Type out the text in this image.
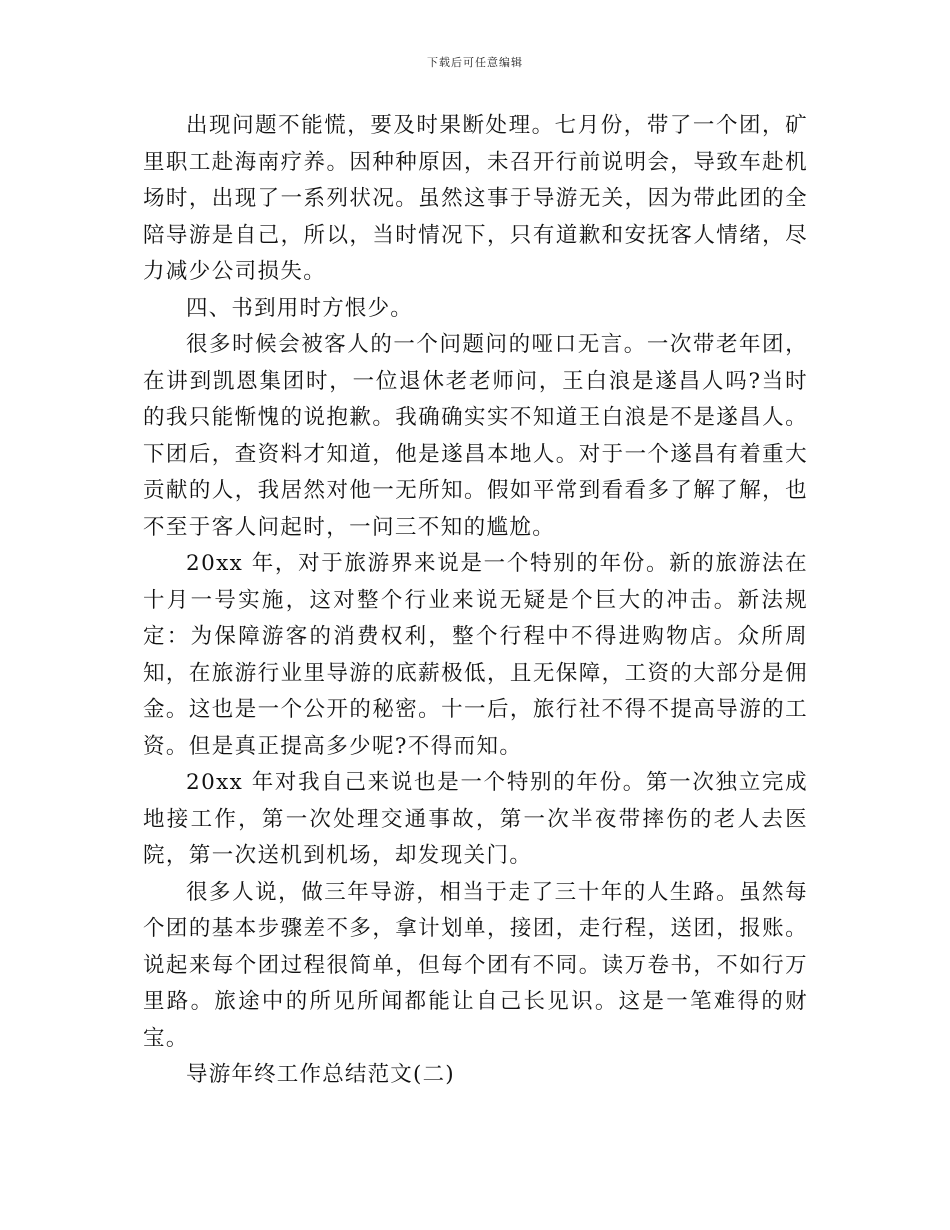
下载后可任意编辑

出现问题不能慌，要及时果断处理。七月份，带了一个团，矿里职工赴海南疗养。因种种原因，未召开行前说明会，导致车赴机场时，出现了一系列状况。虽然这事于导游无关，因为带此团的全陪导游是自己，所以，当时情况下，只有道歉和安抚客人情绪，尽力减少公司损失。

四、书到用时方恨少。

很多时候会被客人的一个问题问的哑口无言。一次带老年团，在讲到凯恩集团时，一位退休老老师问，王白浪是遂昌人吗?当时的我只能惭愧的说抱歉。我确确实实不知道王白浪是不是遂昌人。下团后，查资料才知道，他是遂昌本地人。对于一个遂昌有着重大贡献的人，我居然对他一无所知。假如平常到看看多了解了解，也不至于客人问起时，一问三不知的尴尬。

20xx 年，对于旅游界来说是一个特别的年份。新的旅游法在十月一号实施，这对整个行业来说无疑是个巨大的冲击。新法规定：为保障游客的消费权利，整个行程中不得进购物店。众所周知，在旅游行业里导游的底薪极低，且无保障，工资的大部分是佣金。这也是一个公开的秘密。十一后，旅行社不得不提高导游的工资。但是真正提高多少呢?不得而知。

20xx 年对我自己来说也是一个特别的年份。第一次独立完成地接工作，第一次处理交通事故，第一次半夜带摔伤的老人去医院，第一次送机到机场，却发现关门。

很多人说，做三年导游，相当于走了三十年的人生路。虽然每个团的基本步骤差不多，拿计划单，接团，走行程，送团，报账。说起来每个团过程很简单，但每个团有不同。读万卷书，不如行万里路。旅途中的所见所闻都能让自己长见识。这是一笔难得的财宝。

导游年终工作总结范文(二)
